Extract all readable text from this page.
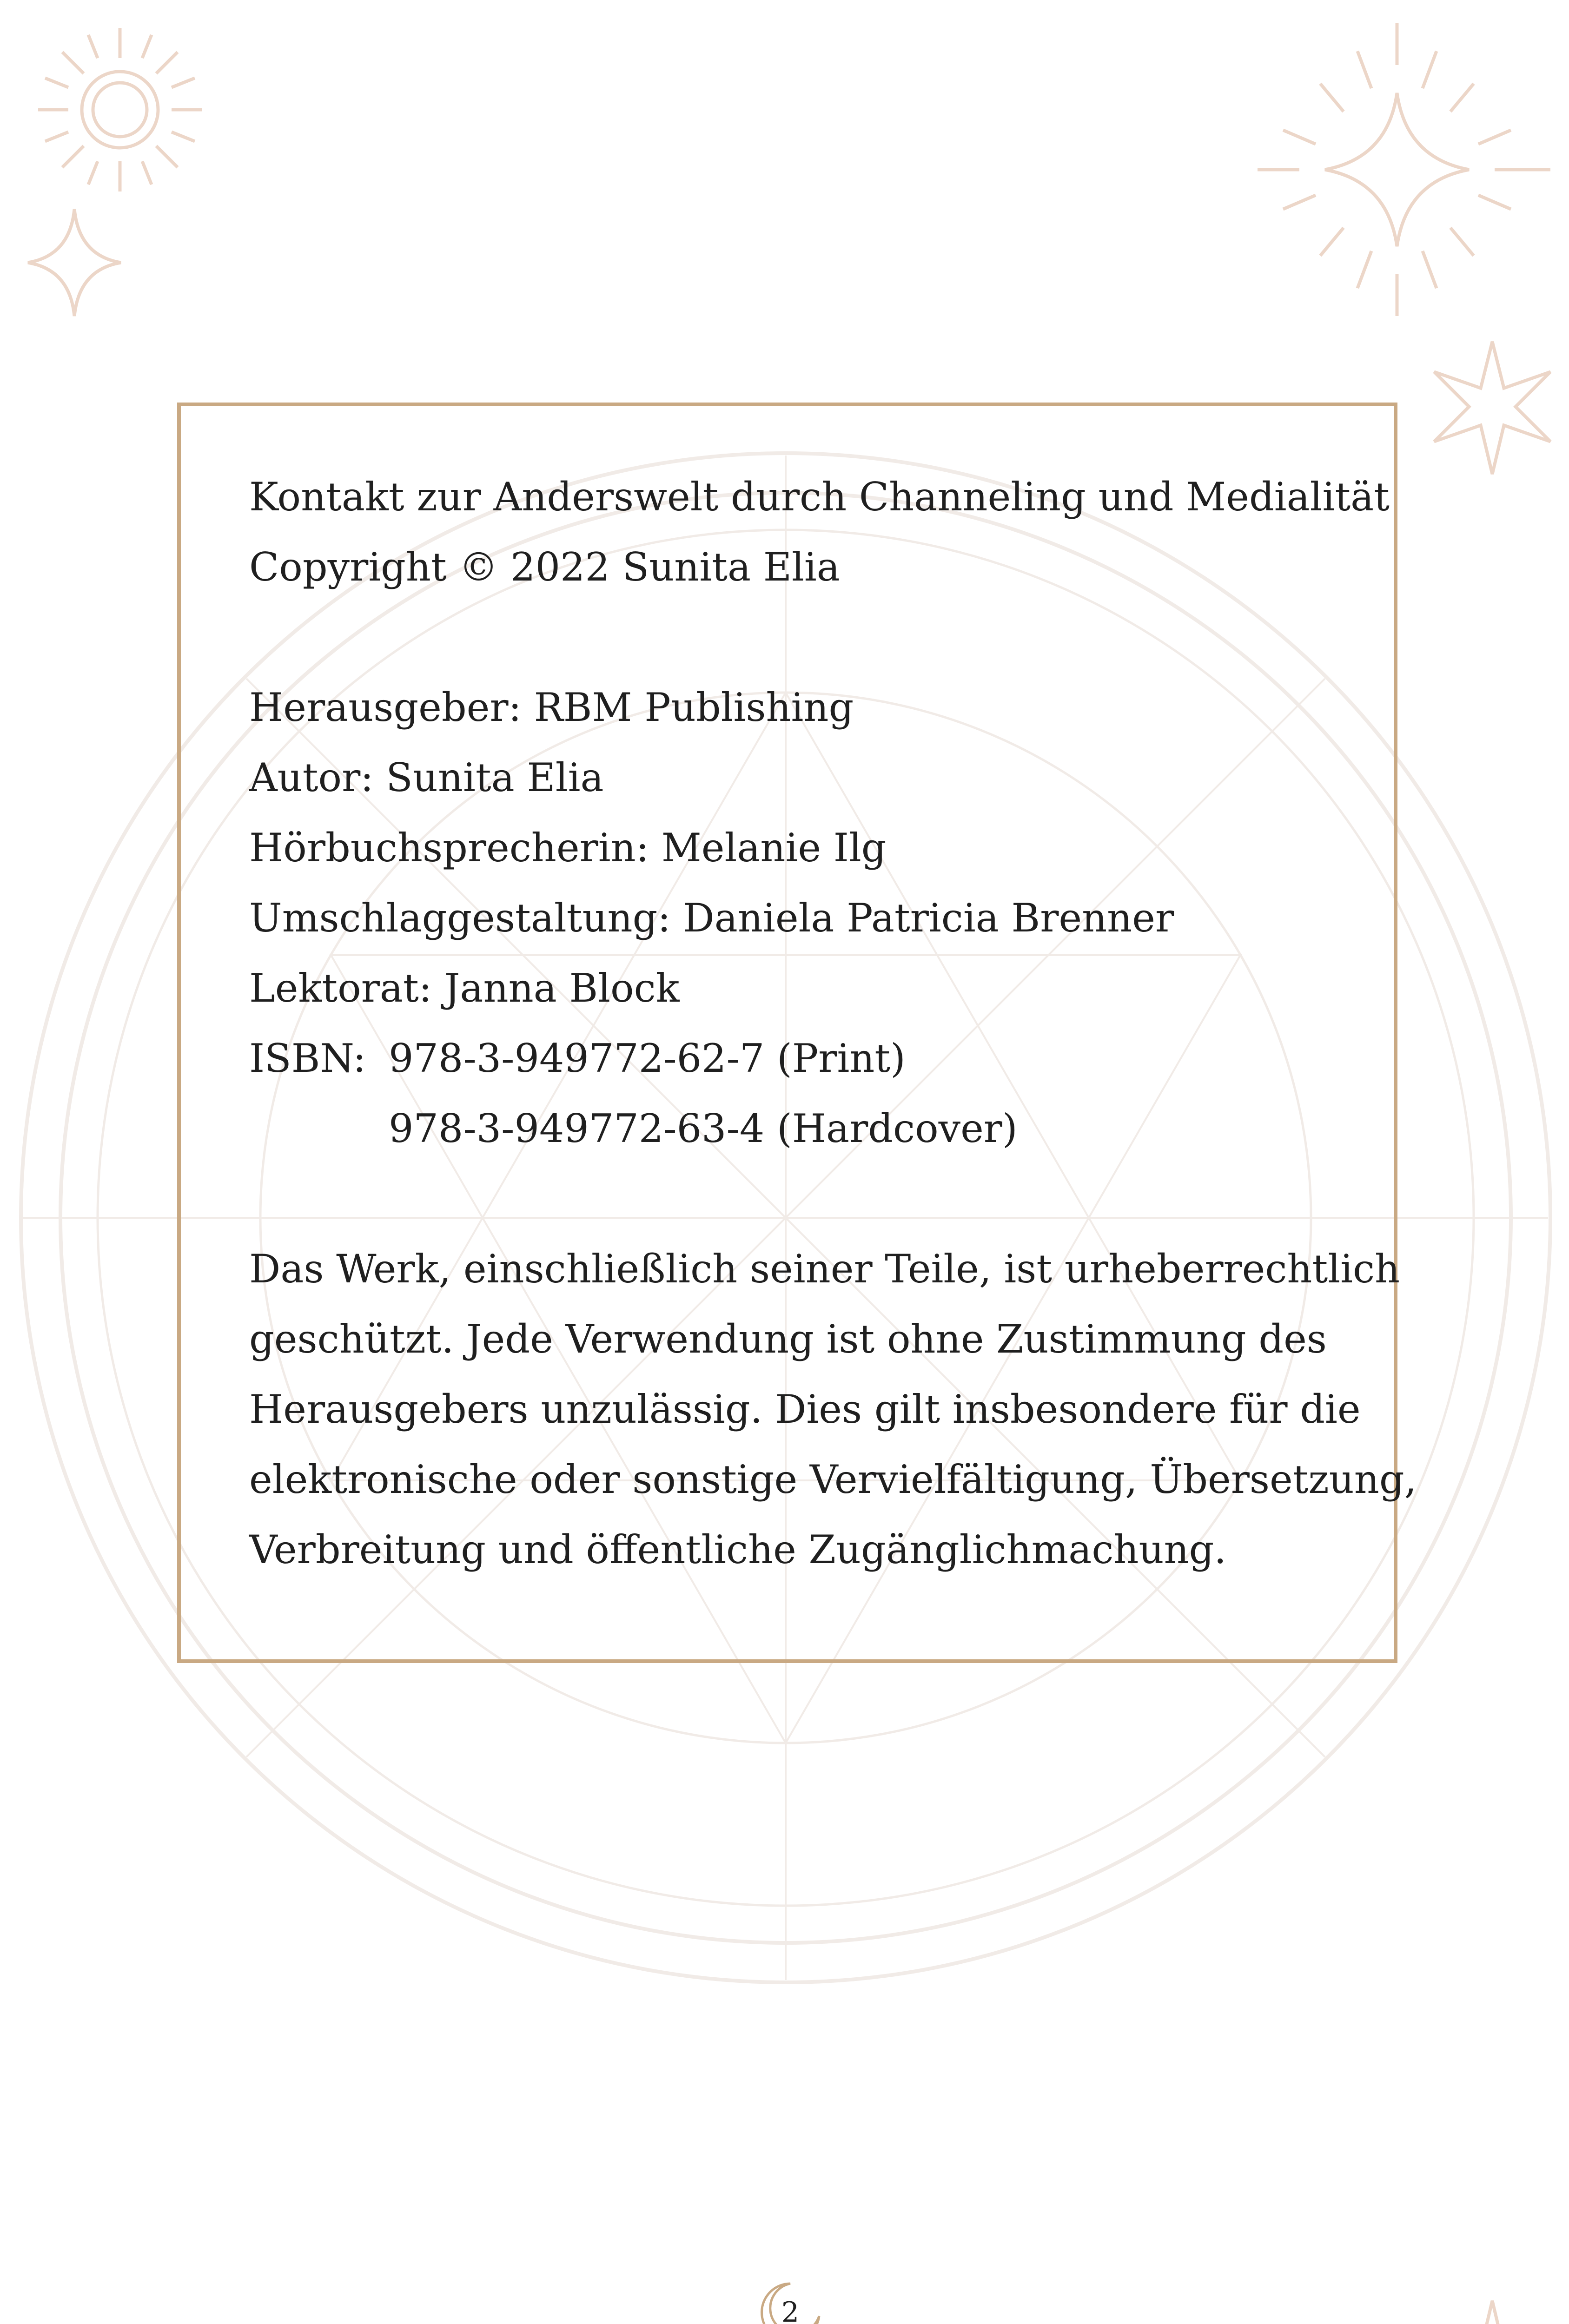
Kontakt zur Anderswelt durch Channeling und Medialität
Copyright © 2022 Sunita Elia
Herausgeber: RBM Publishing
Autor: Sunita Elia
Hörbuchsprecherin: Melanie Ilg
Umschlaggestaltung: Daniela Patricia Brenner
Lektorat: Janna Block
ISBN: 978-3-949772-62-7 (Print)
978-3-949772-63-4 (Hardcover)
Das Werk, einschließlich seiner Teile, ist urheberrechtlich
geschützt. Jede Verwendung ist ohne Zustimmung des
Herausgebers unzulässig. Dies gilt insbesondere für die
elektronische oder sonstige Vervielfältigung, Übersetzung,
Verbreitung und öffentliche Zugänglichmachung.
2
